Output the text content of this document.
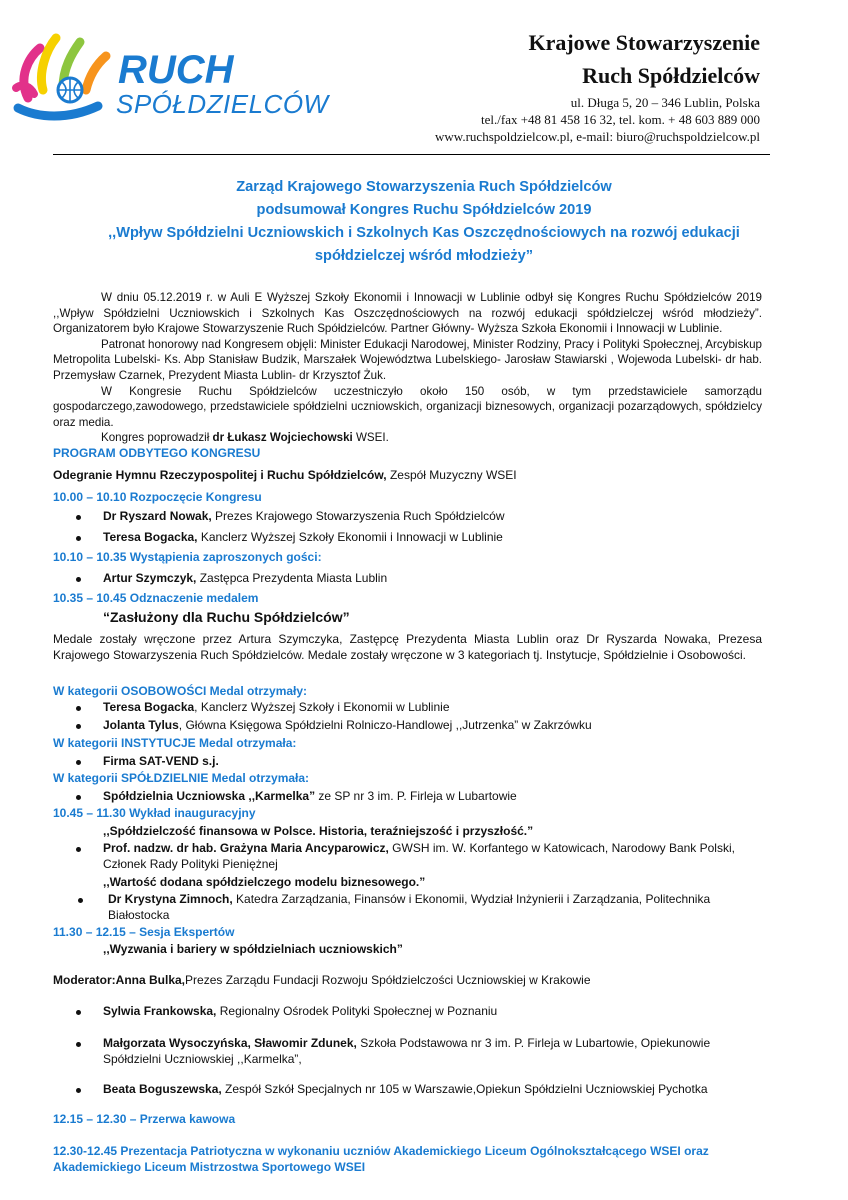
RUCH
SPÓŁDZIELCÓW
Krajowe Stowarzyszenie
Ruch Spółdzielców
ul. Długa 5, 20 – 346 Lublin, Polska
tel./fax +48 81 458 16 32, tel. kom. + 48 603 889 000
www.ruchspoldzielcow.pl, e-mail: biuro@ruchspoldzielcow.pl
Zarząd Krajowego Stowarzyszenia Ruch Spółdzielców
podsumował Kongres Ruchu Spółdzielców 2019
,,Wpływ Spółdzielni Uczniowskich i Szkolnych Kas Oszczędnościowych na rozwój edukacji
spółdzielczej wśród młodzieży”

W dniu 05.12.2019 r. w Auli E Wyższej Szkoły Ekonomii i Innowacji w Lublinie odbył się Kongres Ruchu Spółdzielców 2019 ,,Wpływ Spółdzielni Uczniowskich i Szkolnych Kas Oszczędnościowych na rozwój edukacji spółdzielczej wśród młodzieży”. Organizatorem było Krajowe Stowarzyszenie Ruch Spółdzielców. Partner Główny- Wyższa Szkoła Ekonomii i Innowacji w Lublinie.

Patronat honorowy nad Kongresem objęli: Minister Edukacji Narodowej, Minister Rodziny, Pracy i Polityki Społecznej, Arcybiskup Metropolita Lubelski- Ks. Abp Stanisław Budzik, Marszałek Województwa Lubelskiego- Jarosław Stawiarski , Wojewoda Lubelski- dr hab. Przemysław Czarnek, Prezydent Miasta Lublin- dr Krzysztof Żuk.

W Kongresie Ruchu Spółdzielców uczestniczyło około 150 osób, w tym przedstawiciele samorządu gospodarczego,zawodowego, przedstawiciele spółdzielni uczniowskich, organizacji biznesowych, organizacji pozarządowych, spółdzielcy oraz media.

Kongres poprowadził dr Łukasz Wojciechowski WSEI.

PROGRAM ODBYTEGO KONGRESU
Odegranie Hymnu Rzeczypospolitej i Ruchu Spółdzielców, Zespół Muzyczny WSEI
10.00 – 10.10 Rozpoczęcie Kongresu
Dr Ryszard Nowak, Prezes Krajowego Stowarzyszenia Ruch Spółdzielców
Teresa Bogacka, Kanclerz Wyższej Szkoły Ekonomii i Innowacji w Lublinie
10.10 – 10.35 Wystąpienia zaproszonych gości:
Artur Szymczyk, Zastępca Prezydenta Miasta Lublin
10.35 – 10.45 Odznaczenie medalem
“Zasłużony dla Ruchu Spółdzielców”
Medale zostały wręczone przez Artura Szymczyka, Zastępcę Prezydenta Miasta Lublin oraz Dr Ryszarda Nowaka, Prezesa Krajowego Stowarzyszenia Ruch Spółdzielców. Medale zostały wręczone w 3 kategoriach tj. Instytucje, Spółdzielnie i Osobowości.
W kategorii OSOBOWOŚCI Medal otrzymały:
Teresa Bogacka, Kanclerz Wyższej Szkoły i Ekonomii w Lublinie
Jolanta Tylus, Główna Księgowa Spółdzielni Rolniczo-Handlowej ,,Jutrzenka” w Zakrzówku
W kategorii INSTYTUCJE Medal otrzymała:
Firma SAT-VEND s.j.
W kategorii SPÓŁDZIELNIE Medal otrzymała:
Spółdzielnia Uczniowska ,,Karmelka” ze SP nr 3 im. P. Firleja w Lubartowie
10.45 – 11.30 Wykład inauguracyjny
,,Spółdzielczość finansowa w Polsce. Historia, teraźniejszość i przyszłość.”
Prof. nadzw. dr hab. Grażyna Maria Ancyparowicz, GWSH im. W. Korfantego w Katowicach, Narodowy Bank Polski,
Członek Rady Polityki Pieniężnej
,,Wartość dodana spółdzielczego modelu biznesowego.”
Dr Krystyna Zimnoch, Katedra Zarządzania, Finansów i Ekonomii, Wydział Inżynierii i Zarządzania, Politechnika
Białostocka
11.30 – 12.15 – Sesja Ekspertów
,,Wyzwania i bariery w spółdzielniach uczniowskich”
Moderator:Anna Bulka,Prezes Zarządu Fundacji Rozwoju Spółdzielczości Uczniowskiej w Krakowie
Sylwia Frankowska, Regionalny Ośrodek Polityki Społecznej w Poznaniu
Małgorzata Wysoczyńska, Sławomir Zdunek, Szkoła Podstawowa nr 3 im. P. Firleja w Lubartowie, Opiekunowie
Spółdzielni Uczniowskiej ,,Karmelka”,
Beata Boguszewska, Zespół Szkół Specjalnych nr 105 w Warszawie,Opiekun Spółdzielni Uczniowskiej Pychotka
12.15 – 12.30 – Przerwa kawowa
12.30-12.45 Prezentacja Patriotyczna w wykonaniu uczniów Akademickiego Liceum Ogólnokształcącego WSEI oraz
Akademickiego Liceum Mistrzostwa Sportowego WSEI
